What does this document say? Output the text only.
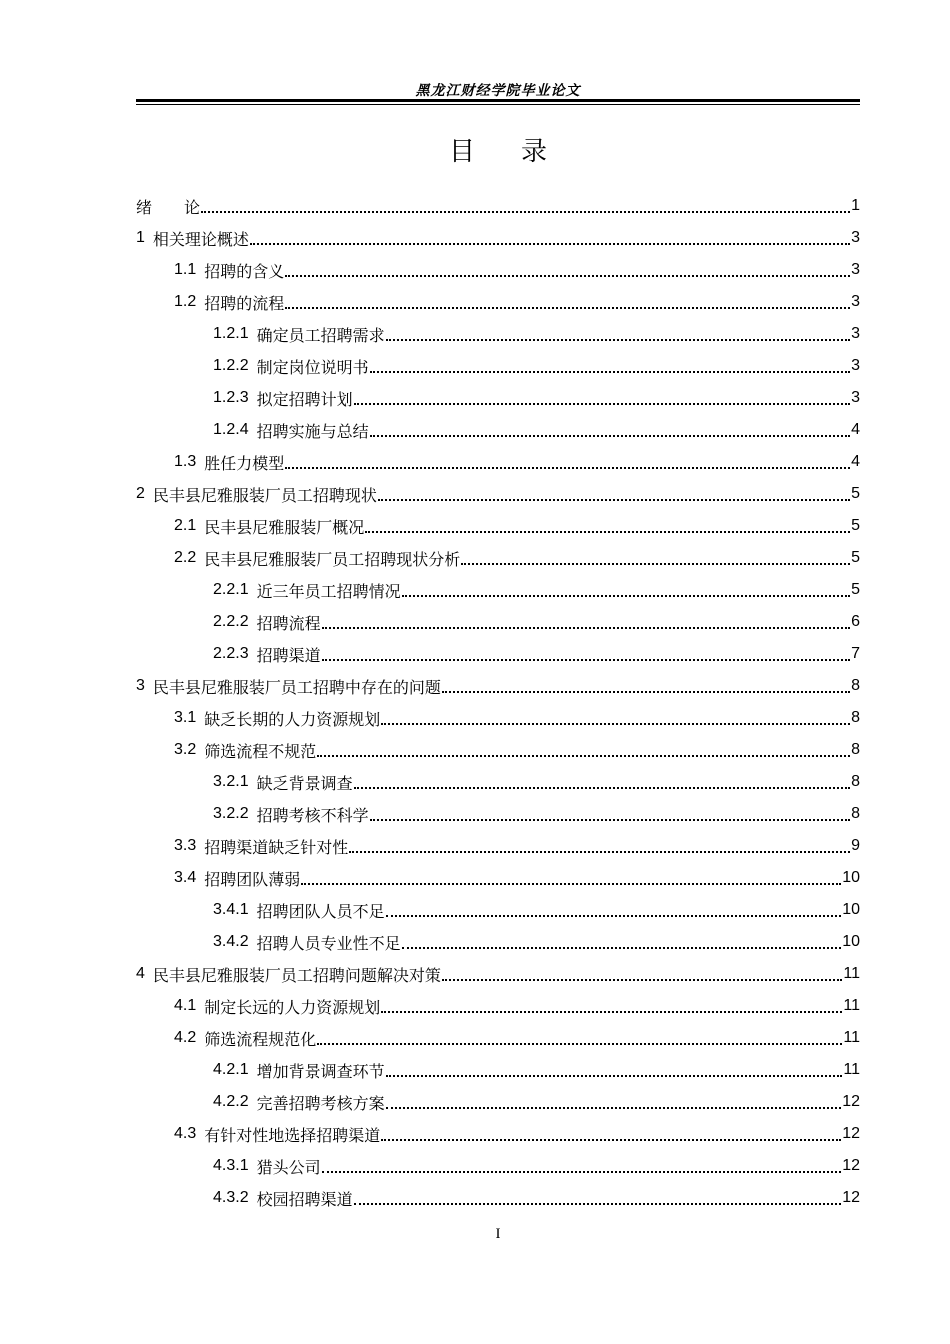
黑龙江财经学院毕业论文
目 录
绪　　论	1
1 相关理论概述	3
1.1 招聘的含义	3
1.2 招聘的流程	3
1.2.1 确定员工招聘需求	3
1.2.2 制定岗位说明书	3
1.2.3 拟定招聘计划	3
1.2.4 招聘实施与总结	4
1.3 胜任力模型	4
2 民丰县尼雅服装厂员工招聘现状	5
2.1 民丰县尼雅服装厂概况	5
2.2 民丰县尼雅服装厂员工招聘现状分析	5
2.2.1 近三年员工招聘情况	5
2.2.2 招聘流程	6
2.2.3 招聘渠道	7
3 民丰县尼雅服装厂员工招聘中存在的问题	8
3.1 缺乏长期的人力资源规划	8
3.2 筛选流程不规范	8
3.2.1 缺乏背景调查	8
3.2.2 招聘考核不科学	8
3.3 招聘渠道缺乏针对性	9
3.4 招聘团队薄弱	10
3.4.1 招聘团队人员不足	10
3.4.2 招聘人员专业性不足	10
4 民丰县尼雅服装厂员工招聘问题解决对策	11
4.1 制定长远的人力资源规划	11
4.2 筛选流程规范化	11
4.2.1 增加背景调查环节	11
4.2.2 完善招聘考核方案	12
4.3 有针对性地选择招聘渠道	12
4.3.1 猎头公司	12
4.3.2 校园招聘渠道	12
I
